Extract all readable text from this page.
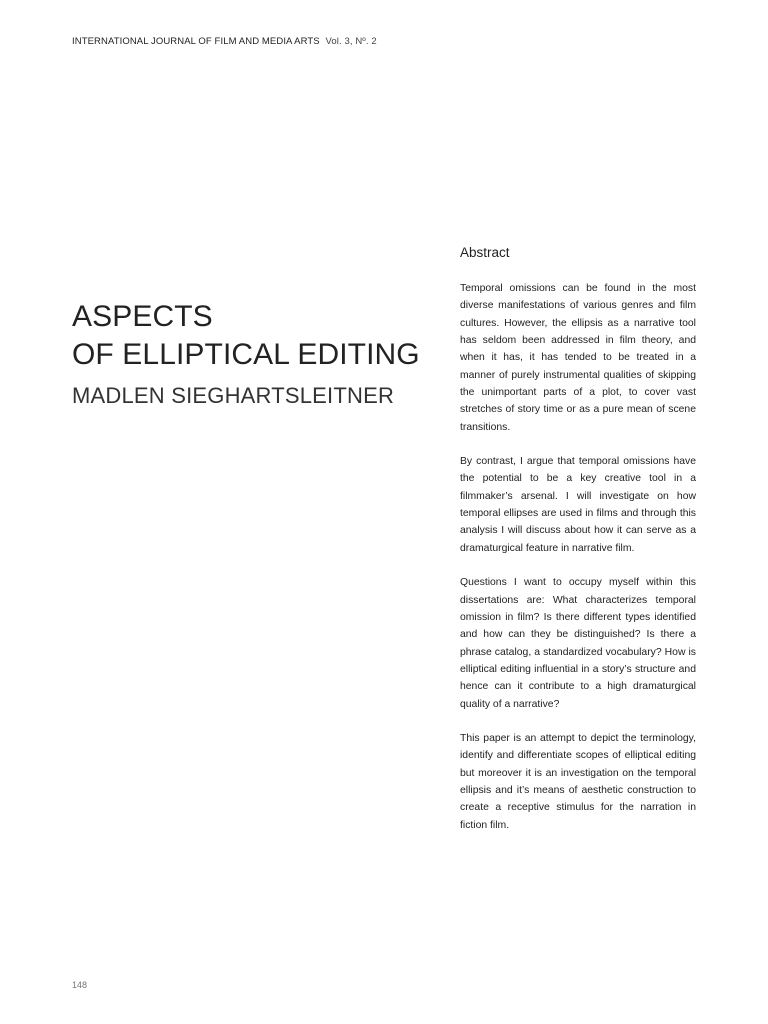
INTERNATIONAL JOURNAL OF FILM AND MEDIA ARTS Vol. 3, Nº. 2
ASPECTS
OF ELLIPTICAL EDITING
MADLEN SIEGHARTSLEITNER
Abstract

Temporal omissions can be found in the most diverse manifestations of various genres and film cultures. However, the ellipsis as a narrative tool has seldom been addressed in film theory, and when it has, it has tended to be treated in a manner of purely instrumental qualities of skipping the unimportant parts of a plot, to cover vast stretches of story time or as a pure mean of scene transitions.

By contrast, I argue that temporal omissions have the potential to be a key creative tool in a filmmaker’s arsenal. I will investigate on how temporal ellipses are used in films and through this analysis I will discuss about how it can serve as a dramaturgical feature in narrative film.

Questions I want to occupy myself within this dissertations are: What characterizes temporal omission in film? Is there different types identified and how can they be distinguished? Is there a phrase catalog, a standardized vocabulary? How is elliptical editing influential in a story’s structure and hence can it contribute to a high dramaturgical quality of a narrative?

This paper is an attempt to depict the terminology, identify and differentiate scopes of elliptical editing but moreover it is an investigation on the temporal ellipsis and it’s means of aesthetic construction to create a receptive stimulus for the narration in fiction film.

148
